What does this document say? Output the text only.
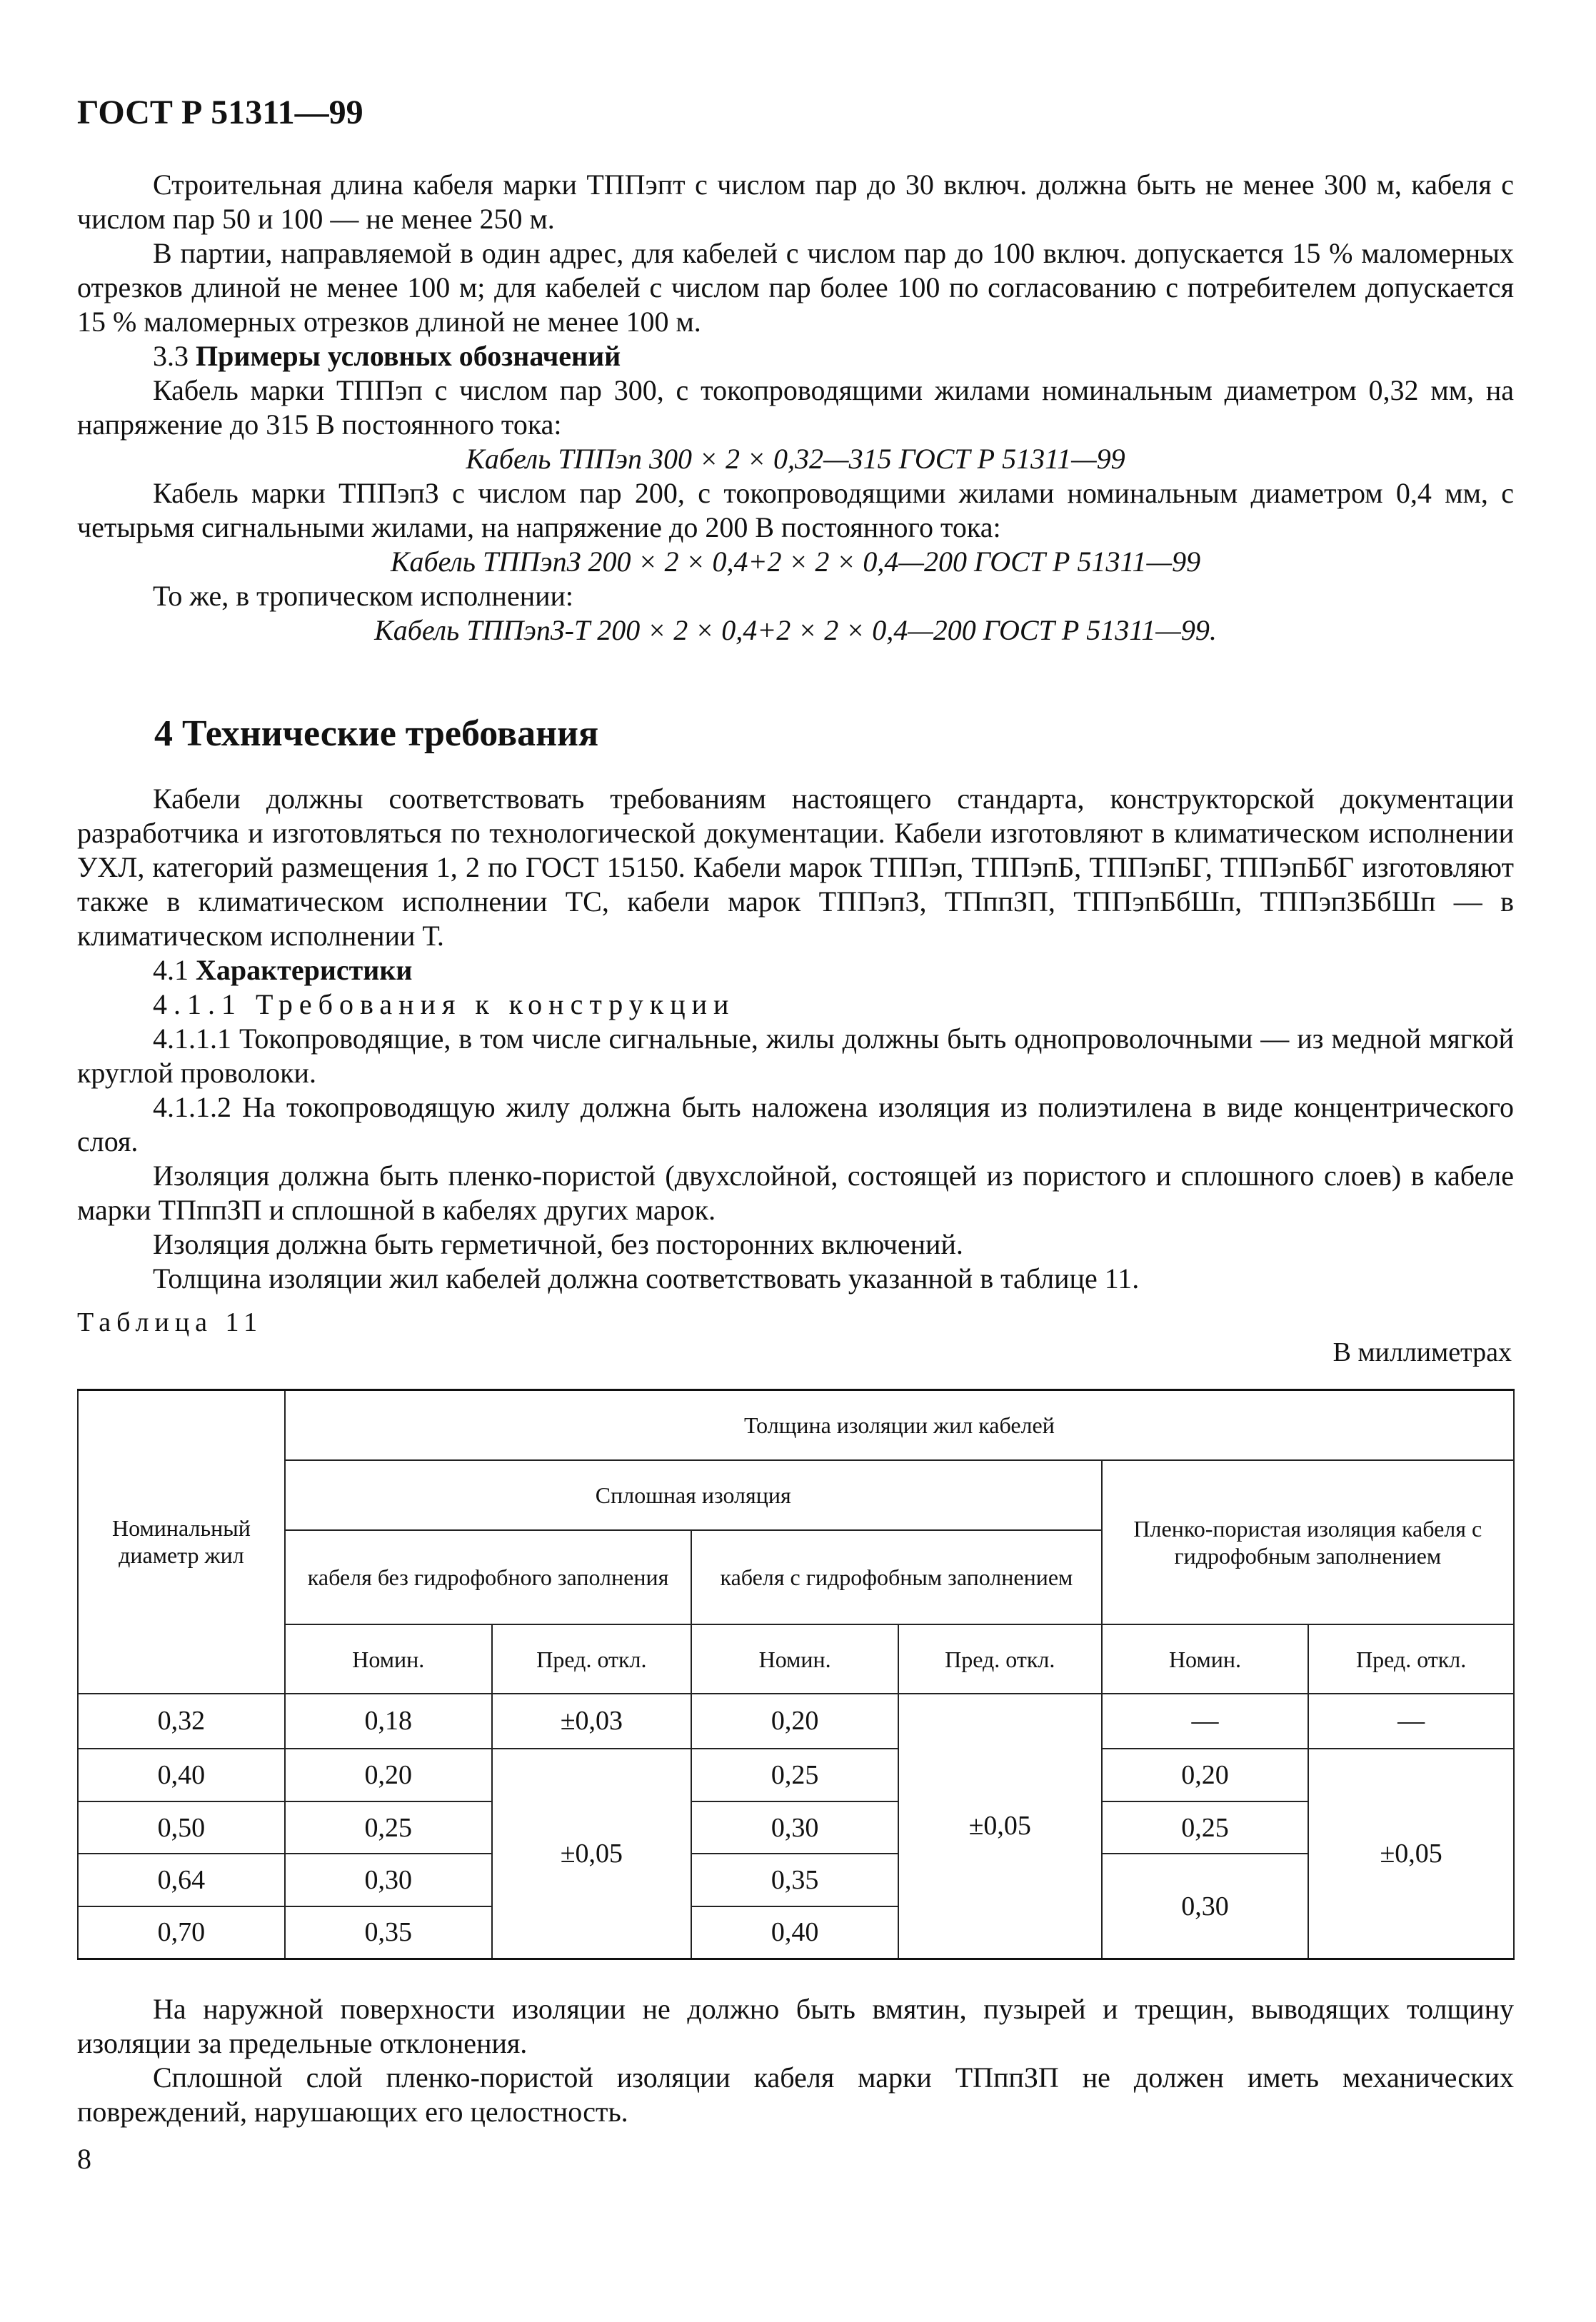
ГОСТ Р 51311—99
Строительная длина кабеля марки ТППэпт с числом пар до 30 включ. должна быть не менее 300 м, кабеля с числом пар 50 и 100 — не менее 250 м.
В партии, направляемой в один адрес, для кабелей с числом пар до 100 включ. допускается 15 % маломерных отрезков длиной не менее 100 м; для кабелей с числом пар более 100 по согласованию с потребителем допускается 15 % маломерных отрезков длиной не менее 100 м.
3.3 Примеры условных обозначений
Кабель марки ТППэп с числом пар 300, с токопроводящими жилами номинальным диаметром 0,32 мм, на напряжение до 315 В постоянного тока:
Кабель ТППэп 300 × 2 × 0,32—315 ГОСТ Р 51311—99
Кабель марки ТППэпЗ с числом пар 200, с токопроводящими жилами номинальным диаметром 0,4 мм, с четырьмя сигнальными жилами, на напряжение до 200 В постоянного тока:
Кабель ТППэпЗ 200 × 2 × 0,4+2 × 2 × 0,4—200 ГОСТ Р 51311—99
То же, в тропическом исполнении:
Кабель ТППэпЗ-Т 200 × 2 × 0,4+2 × 2 × 0,4—200 ГОСТ Р 51311—99.
4 Технические требования
Кабели должны соответствовать требованиям настоящего стандарта, конструкторской документации разработчика и изготовляться по технологической документации. Кабели изготовляют в климатическом исполнении УХЛ, категорий размещения 1, 2 по ГОСТ 15150. Кабели марок ТППэп, ТППэпБ, ТППэпБГ, ТППэпБбГ изготовляют также в климатическом исполнении ТС, кабели марок ТППэпЗ, ТПппЗП, ТППэпБбШп, ТППэпЗБбШп — в климатическом исполнении Т.
4.1 Характеристики
4.1.1 Требования к конструкции
4.1.1.1 Токопроводящие, в том числе сигнальные, жилы должны быть однопроволочными — из медной мягкой круглой проволоки.
4.1.1.2 На токопроводящую жилу должна быть наложена изоляция из полиэтилена в виде концентрического слоя.
Изоляция должна быть пленко-пористой (двухслойной, состоящей из пористого и сплошного слоев) в кабеле марки ТПппЗП и сплошной в кабелях других марок.
Изоляция должна быть герметичной, без посторонних включений.
Толщина изоляции жил кабелей должна соответствовать указанной в таблице 11.
Таблица 11
В миллиметрах
Номинальный диаметр жил	Толщина изоляции жил кабелей					
	Сплошная изоляция				Пленко-пористая изоляция кабеля с гидрофобным заполнением	
	кабеля без гидрофобного заполнения		кабеля с гидрофобным заполнением			
	Номин.	Пред. откл.	Номин.	Пред. откл.	Номин.	Пред. откл.
0,32	0,18	±0,03	0,20	±0,05	—	—
0,40	0,20	±0,05	0,25		0,20	±0,05
0,50	0,25		0,30		0,25	
0,64	0,30		0,35		0,30	
0,70	0,35		0,40			
На наружной поверхности изоляции не должно быть вмятин, пузырей и трещин, выводящих толщину изоляции за предельные отклонения.
Сплошной слой пленко-пористой изоляции кабеля марки ТПппЗП не должен иметь механических повреждений, нарушающих его целостность.
8
